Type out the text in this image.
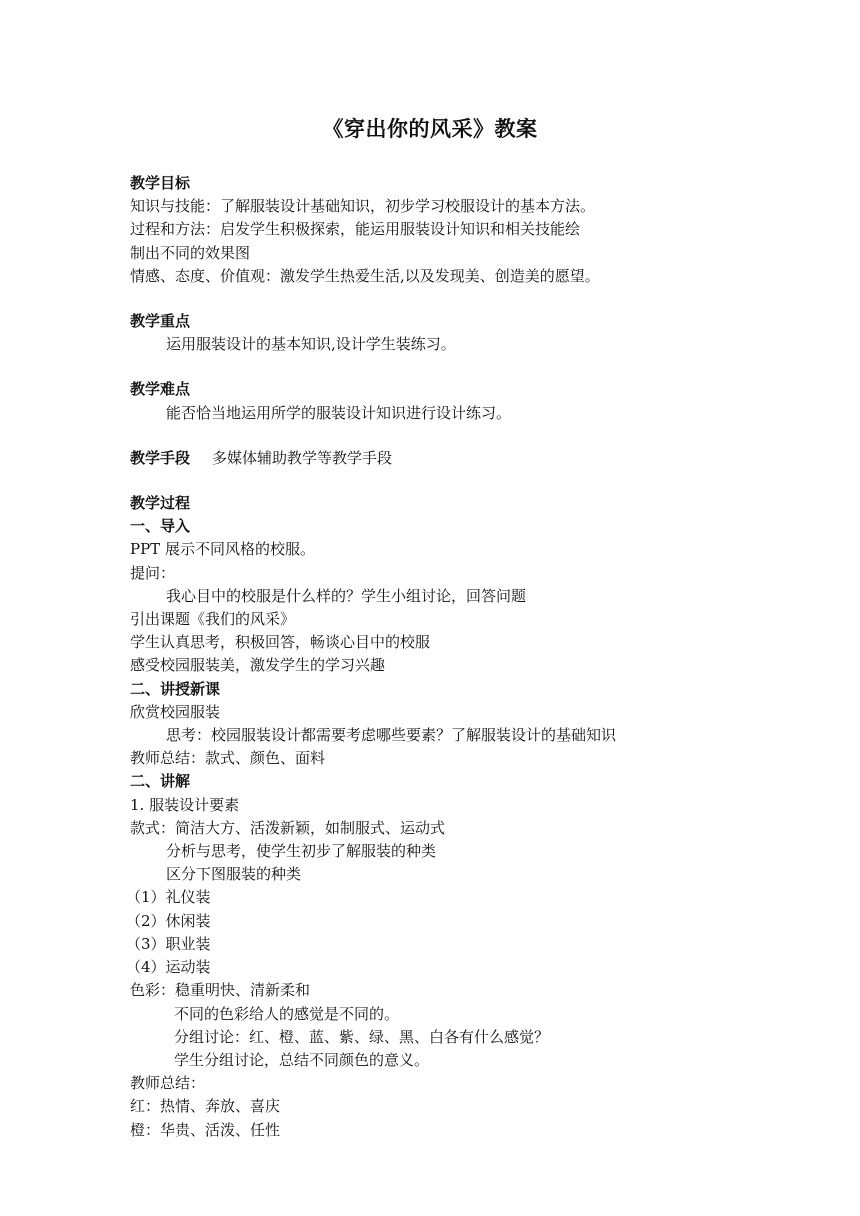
《穿出你的风采》教案
教学目标
知识与技能：了解服装设计基础知识，初步学习校服设计的基本方法。
过程和方法：启发学生积极探索，能运用服装设计知识和相关技能绘
制出不同的效果图
情感、态度、价值观：激发学生热爱生活,以及发现美、创造美的愿望。
教学重点
运用服装设计的基本知识,设计学生装练习。
教学难点
能否恰当地运用所学的服装设计知识进行设计练习。
教学手段 多媒体辅助教学等教学手段
教学过程
一、导入
PPT 展示不同风格的校服。
提问：
我心目中的校服是什么样的？学生小组讨论，回答问题
引出课题《我们的风采》
学生认真思考，积极回答，畅谈心目中的校服
感受校园服装美，激发学生的学习兴趣
二、讲授新课
欣赏校园服装
思考：校园服装设计都需要考虑哪些要素？了解服装设计的基础知识
教师总结：款式、颜色、面料
二、讲解
1. 服装设计要素
款式：简洁大方、活泼新颖，如制服式、运动式
分析与思考，使学生初步了解服装的种类
区分下图服装的种类
（1）礼仪装
（2）休闲装
（3）职业装
（4）运动装
色彩：稳重明快、清新柔和
不同的色彩给人的感觉是不同的。
分组讨论：红、橙、蓝、紫、绿、黑、白各有什么感觉？
学生分组讨论，总结不同颜色的意义。
教师总结：
红：热情、奔放、喜庆
橙：华贵、活泼、任性
